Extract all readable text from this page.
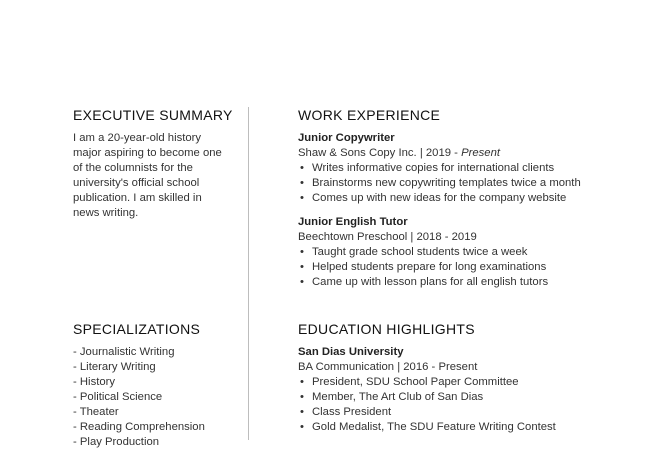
EXECUTIVE SUMMARY

I am a 20-year-old history

major aspiring to become one

of the columnists for the

university's official school

publication. I am skilled in

news writing.

WORK EXPERIENCE

Junior Copywriter

Shaw & Sons Copy Inc. | 2019 - Present

• Writes informative copies for international clients
• Brainstorms new copywriting templates twice a month
• Comes up with new ideas for the company website

Junior English Tutor

Beechtown Preschool | 2018 - 2019

• Taught grade school students twice a week
• Helped students prepare for long examinations
• Came up with lesson plans for all english tutors
SPECIALIZATIONS
- Journalistic Writing
- Literary Writing
- History
- Political Science
- Theater
- Reading Comprehension
- Play Production
EDUCATION HIGHLIGHTS

San Dias University

BA Communication | 2016 - Present

• President, SDU School Paper Committee
• Member, The Art Club of San Dias
• Class President
• Gold Medalist, The SDU Feature Writing Contest
